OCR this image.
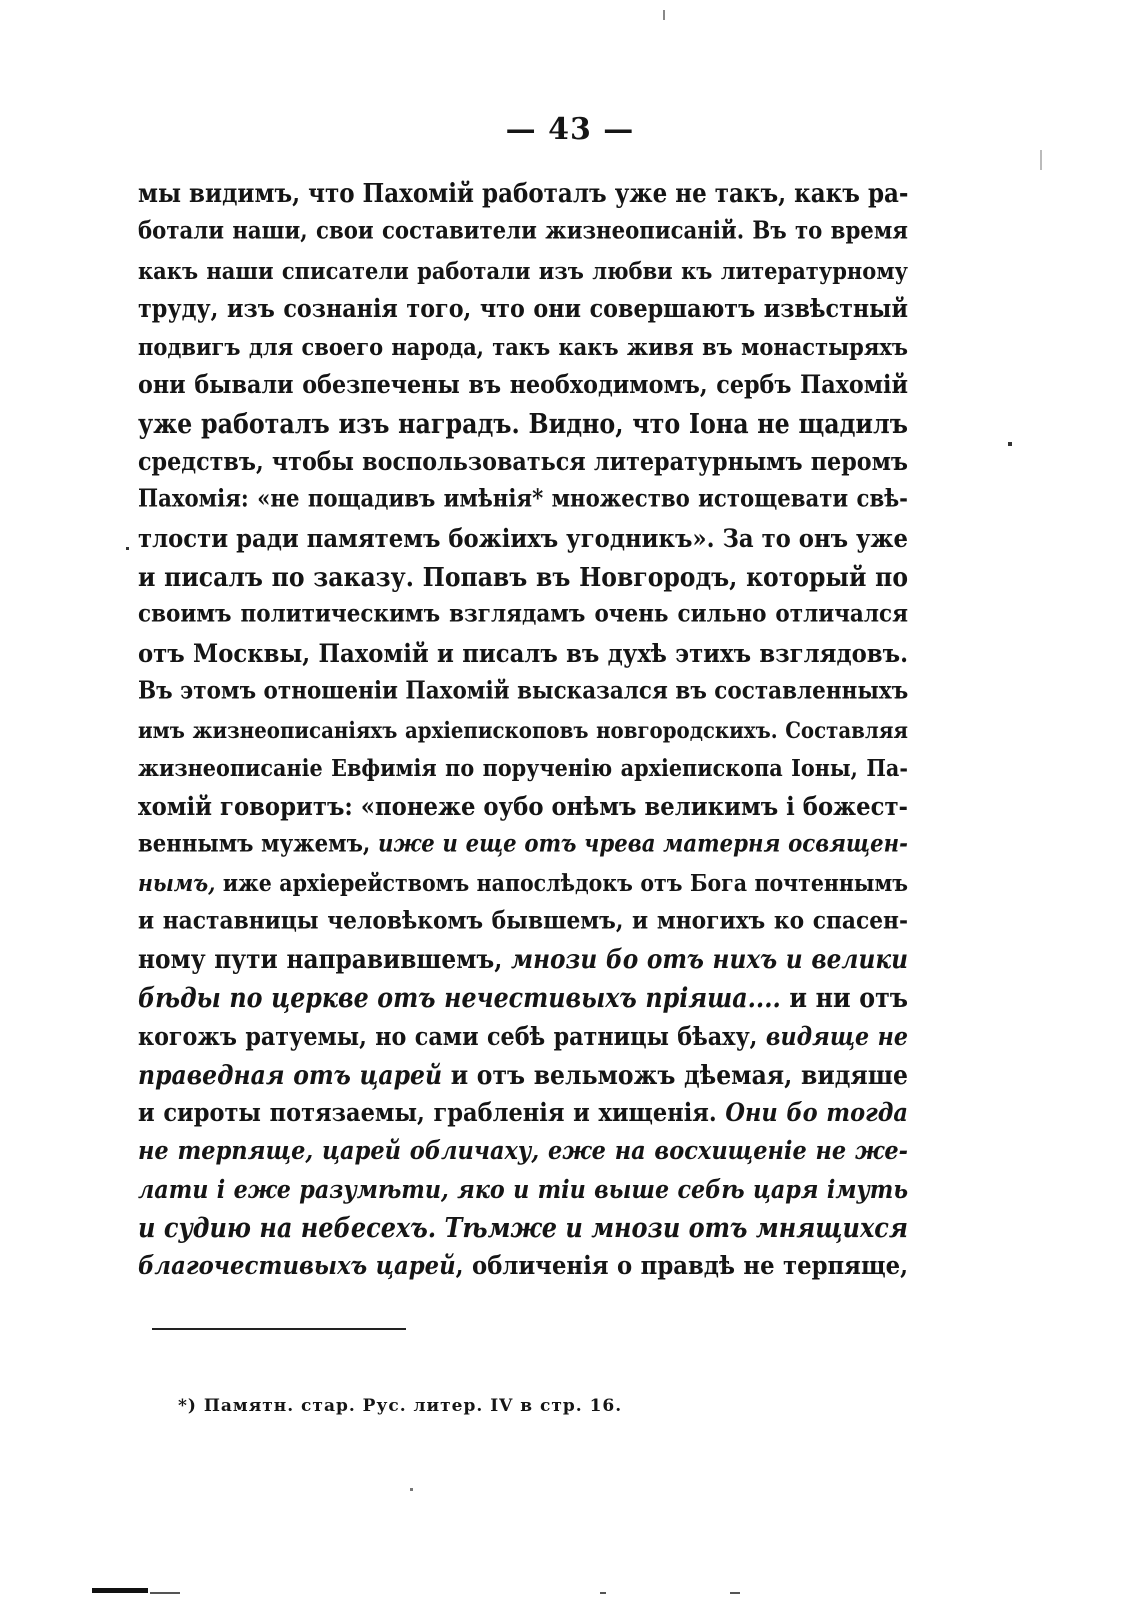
— 43 —
мы видимъ, что Пахомій работалъ уже не такъ, какъ ра-
ботали наши, свои составители жизнеописаній. Въ то время
какъ наши списатели работали изъ любви къ литературному
труду, изъ сознанія того, что они совершаютъ извѣстный
подвигъ для своего народа, такъ какъ живя въ монастыряхъ
они бывали обезпечены въ необходимомъ, сербъ Пахомій
уже работалъ изъ наградъ. Видно, что Іона не щадилъ
средствъ, чтобы воспользоваться литературнымъ перомъ
Пахомія: «не пощадивъ имѣнія* множество истощевати свѣ-
тлости ради памятемъ божіихъ угодникъ». За то онъ уже
и писалъ по заказу. Попавъ въ Новгородъ, который по
своимъ политическимъ взглядамъ очень сильно отличался
отъ Москвы, Пахомій и писалъ въ духѣ этихъ взглядовъ.
Въ этомъ отношеніи Пахомій высказался въ составленныхъ
имъ жизнеописаніяхъ архіепископовъ новгородскихъ. Составляя
жизнеописаніе Евфимія по порученію архіепископа Іоны, Па-
хомій говоритъ: «понеже оубо онѣмъ великимъ і божест-
веннымъ мужемъ, иже и еще отъ чрева матерня освящен-
нымъ, иже архіерействомъ напослѣдокъ отъ Бога почтеннымъ
и наставницы человѣкомъ бывшемъ, и многихъ ко спасен-
ному пути направившемъ, мнози бо отъ нихъ и велики
бѣды по церкве отъ нечестивыхъ пріяша.... и ни отъ
когожъ ратуемы, но сами себѣ ратницы бѣаху, видяще не
праведная отъ царей и отъ вельможъ дѣемая, видяше
и сироты потязаемы, грабленія и хищенія. Они бо тогда
не терпяще, царей обличаху, еже на восхищеніе не же-
лати і еже разумѣти, яко и тіи выше себѣ царя імуть
и судию на небесехъ. Тѣмже и мнози отъ мнящихся
благочестивыхъ царей, обличенія о правдѣ не терпяще,
*) Памятн. стар. Рус. литер. IV в стр. 16.
